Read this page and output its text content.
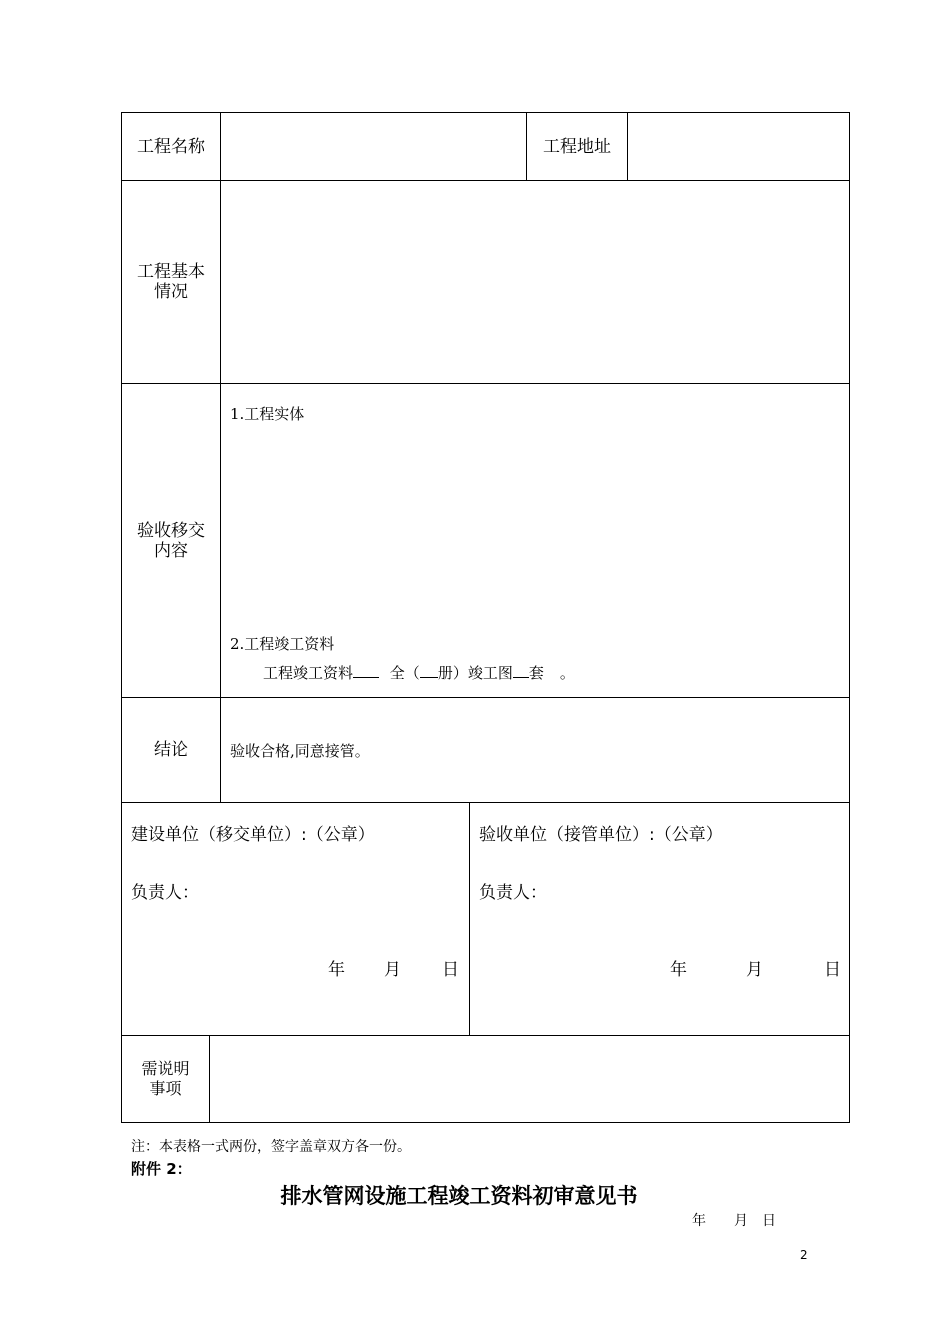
工程名称	工程地址
工程基本
情况
验收移交
内容
1.工程实体
2.工程竣工资料
工程竣工资料 全（ 册）竣工图 套 。
结论	验收合格,同意接管。
建设单位（移交单位）:（公章）
负责人：
年 月 日
验收单位（接管单位）:（公章）
负责人：
年	月	日
需说明
事项
注：本表格一式两份，签字盖章双方各一份。
附件 2：
排水管网设施工程竣工资料初审意见书
年 月 日
2
